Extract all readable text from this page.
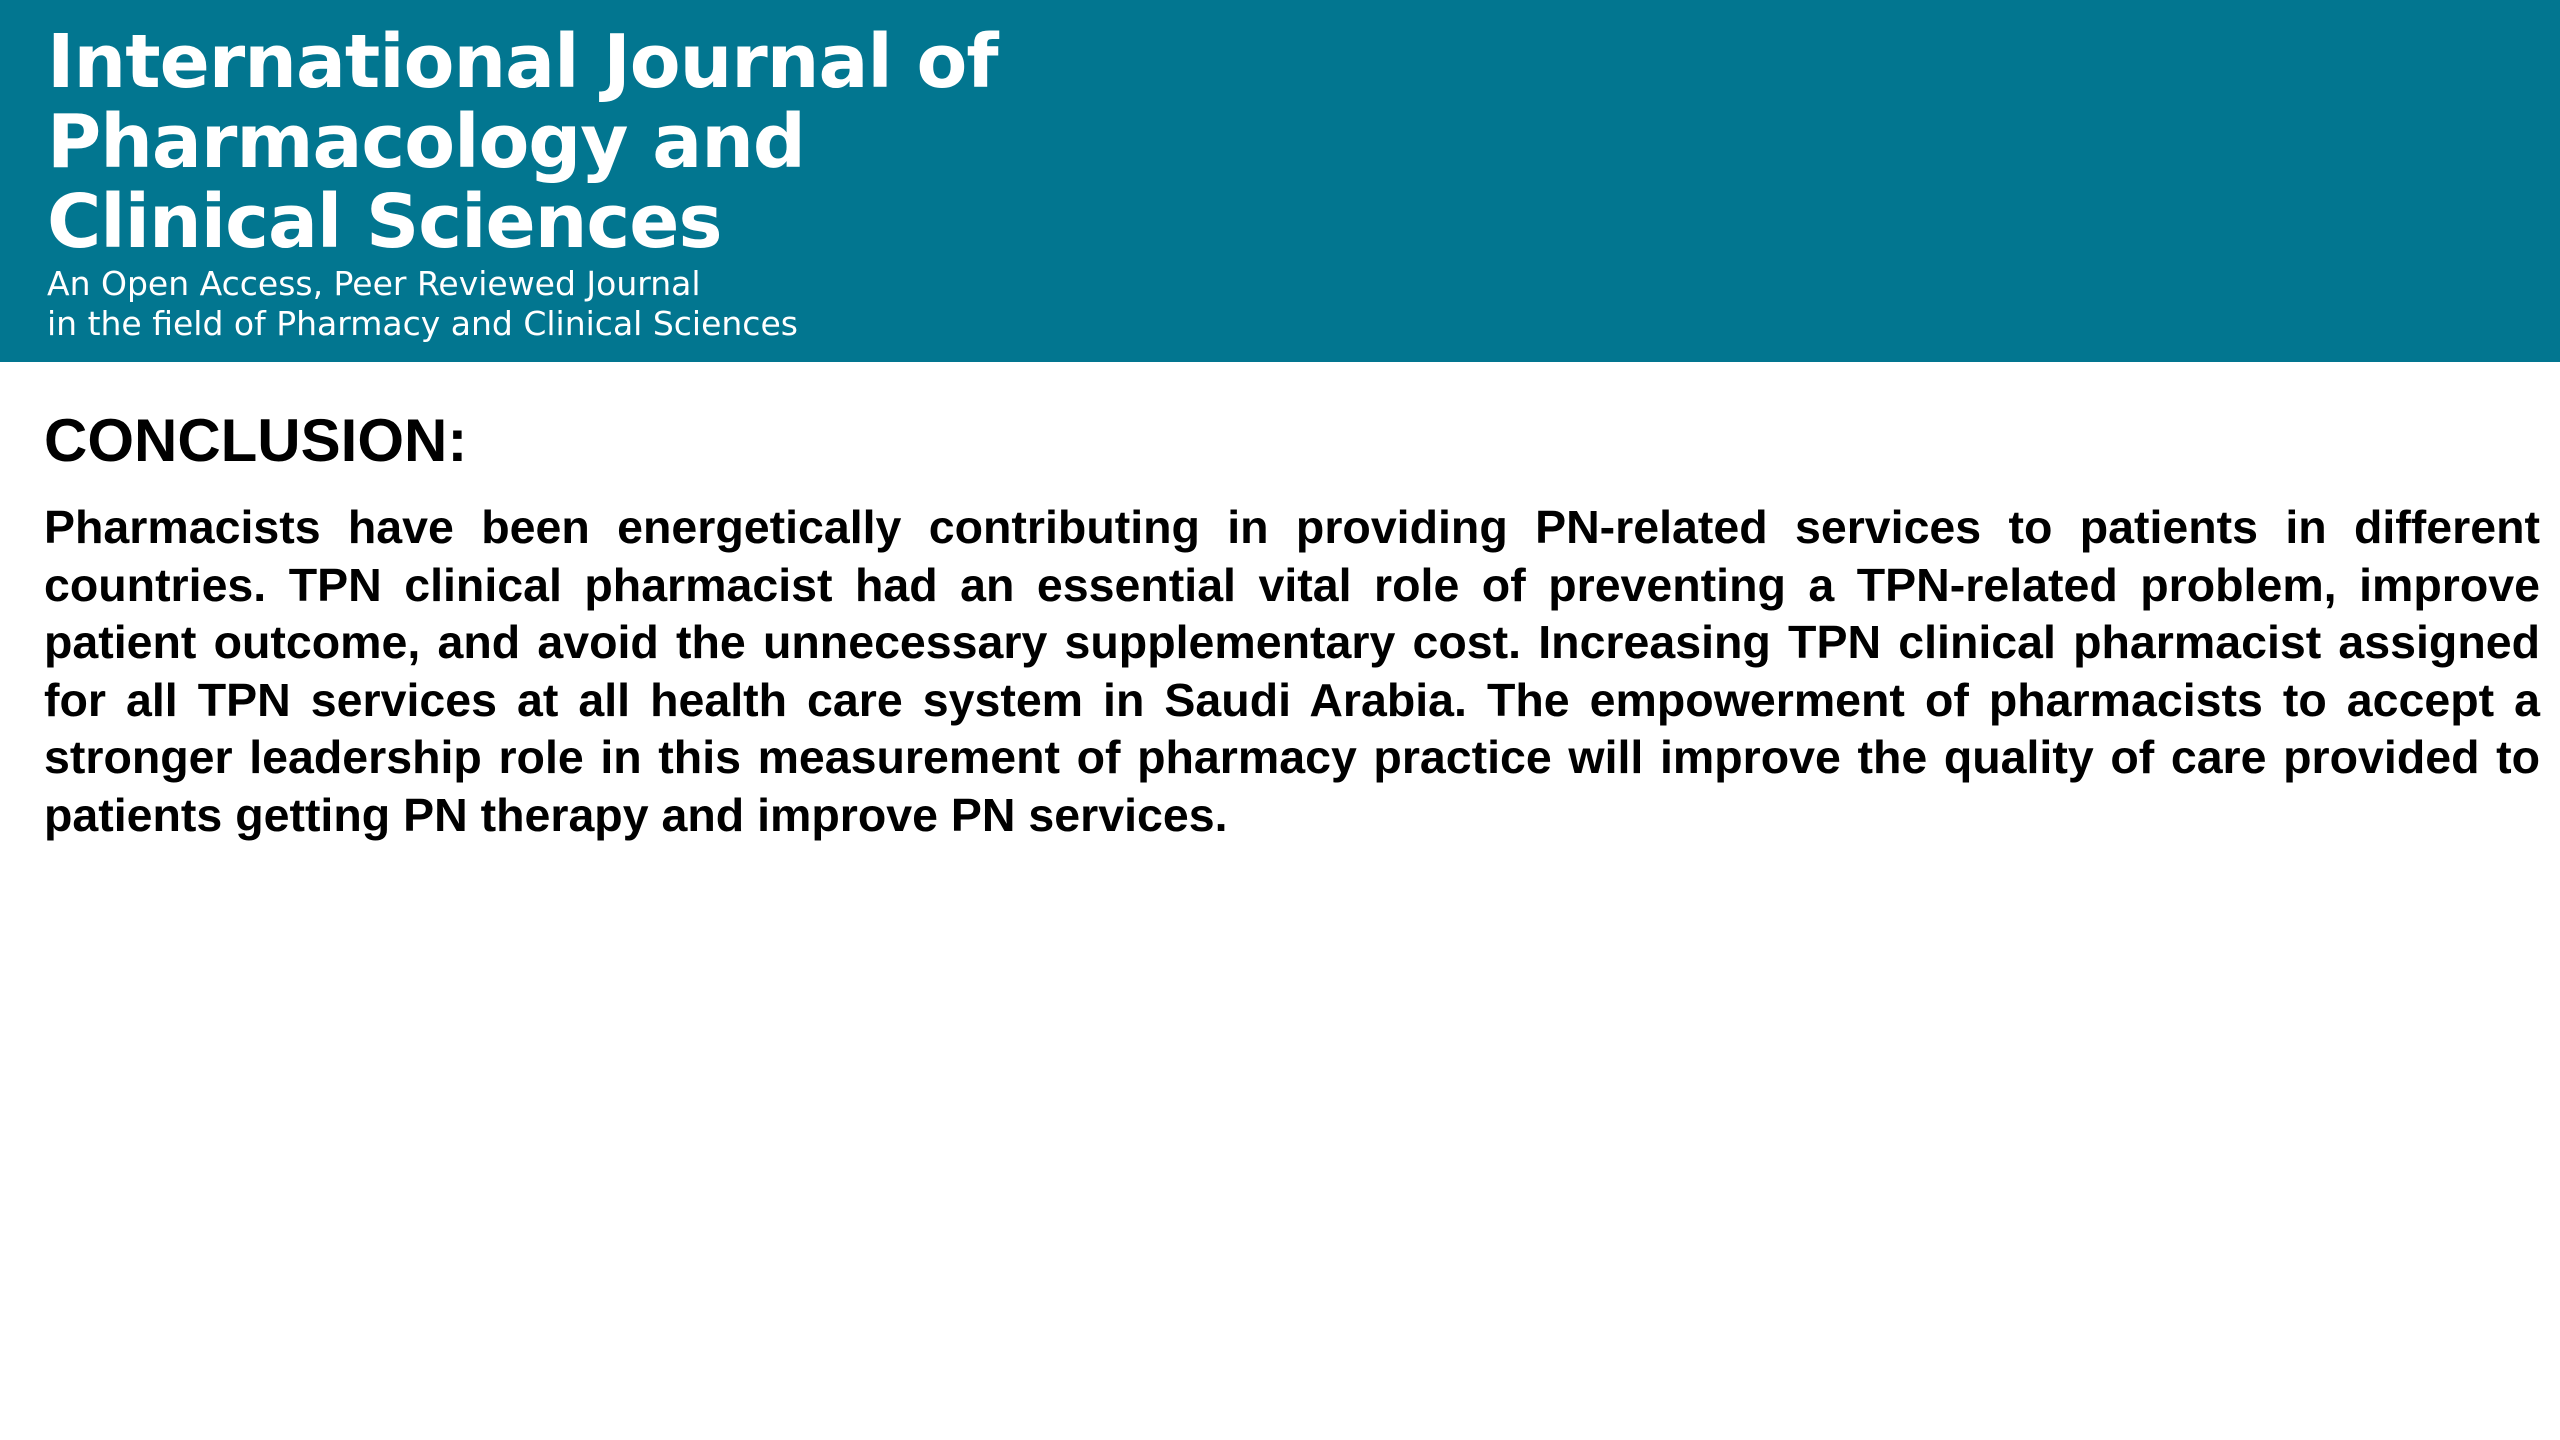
International Journal of
Pharmacology and
Clinical Sciences
An Open Access, Peer Reviewed Journal
in the field of Pharmacy and Clinical Sciences
CONCLUSION:

Pharmacists have been energetically contributing in providing PN-related services to patients in different countries. TPN clinical pharmacist had an essential vital role of preventing a TPN-related problem, improve patient outcome, and avoid the unnecessary supplementary cost. Increasing TPN clinical pharmacist assigned for all TPN services at all health care system in Saudi Arabia. The empowerment of pharmacists to accept a stronger leadership role in this measurement of pharmacy practice will improve the quality of care provided to patients getting PN therapy and improve PN services.
